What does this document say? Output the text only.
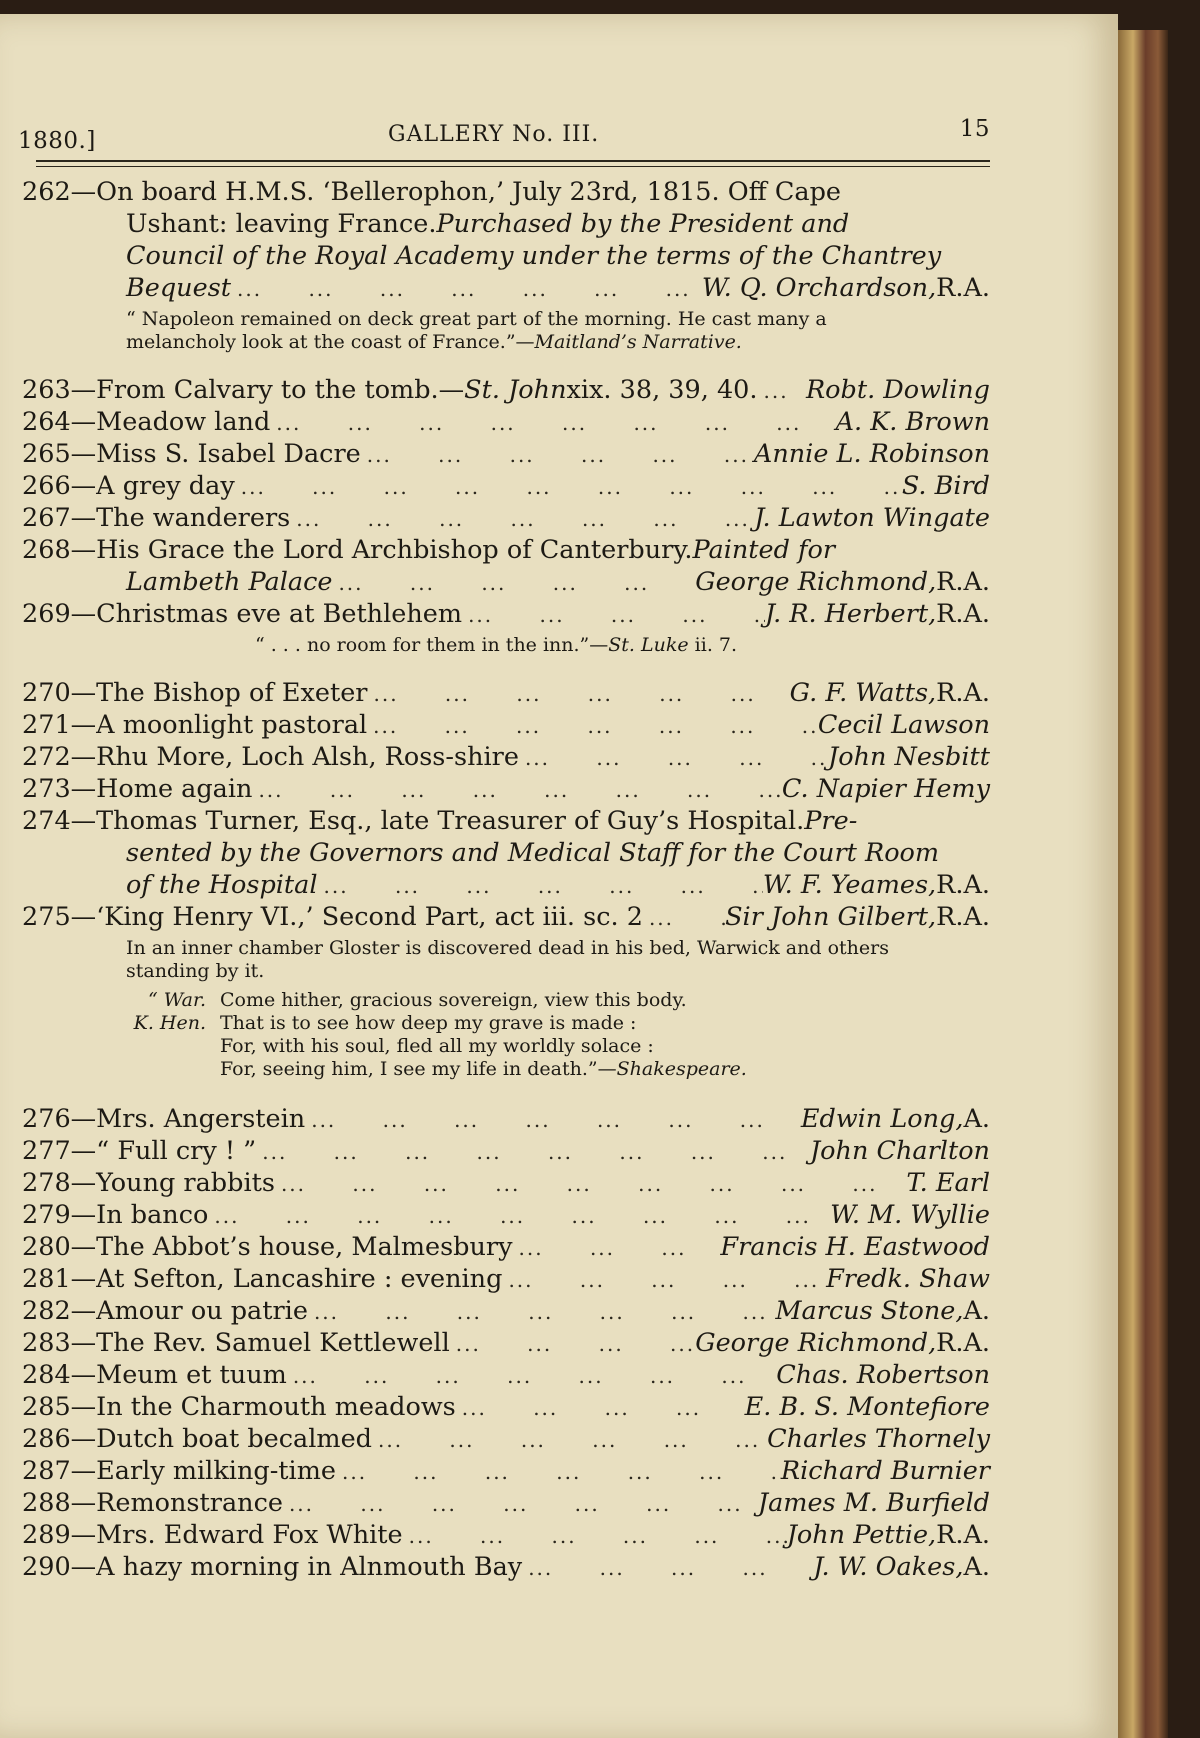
1880.]	GALLERY No. III.	15
262—On board H.M.S. ‘Bellerophon,’ July 23rd, 1815. Off Cape
Ushant: leaving France. Purchased by the President and
Council of the Royal Academy under the terms of the Chantrey
Bequest ... .	W. Q. Orchardson, R.A.
“ Napoleon remained on deck great part of the morning. He cast many a melancholy look at the coast of France.”—Maitland’s Narrative.
263—From Calvary to the tomb.— St. John xix. 38, 39, 40. ... . Robt. Dowling
264—Meadow land ... .	A. K. Brown
265—Miss S. Isabel Dacre ... .	Annie L. Robinson
266—A grey day ... .	S. Bird
267—The wanderers ... .	J. Lawton Wingate
268—His Grace the Lord Archbishop of Canterbury. Painted for
Lambeth Palace ... .	George Richmond, R.A.
269—Christmas eve at Bethlehem ... .	J. R. Herbert, R.A.
“ . . . no room for them in the inn.”—St. Luke ii. 7.
270—The Bishop of Exeter ... .	G. F. Watts, R.A.
271—A moonlight pastoral ... .	Cecil Lawson
272—Rhu More, Loch Alsh, Ross-shire ... .	John Nesbitt
273—Home again ... .	C. Napier Hemy
274—Thomas Turner, Esq., late Treasurer of Guy’s Hospital. Pre-
sented by the Governors and Medical Staff for the Court Room
of the Hospital ... .	W. F. Yeames, R.A.
275—‘King Henry VI.,’ Second Part, act iii. sc. 2 ... .	Sir John Gilbert, R.A.
In an inner chamber Gloster is discovered dead in his bed, Warwick and others standing by it.
“ War. Come hither, gracious sovereign, view this body.
K. Hen. That is to see how deep my grave is made :
For, with his soul, fled all my worldly solace :
For, seeing him, I see my life in death.”— Shakespeare.
276—Mrs. Angerstein ... .	Edwin Long, A.
277—“ Full cry ! ” ... .	John Charlton
278—Young rabbits ... .	T. Earl
279—In banco ... .	W. M. Wyllie
280—The Abbot’s house, Malmesbury ... .	Francis H. Eastwood
281—At Sefton, Lancashire : evening ... .	Fredk. Shaw
282—Amour ou patrie ... .	Marcus Stone, A.
283—The Rev. Samuel Kettlewell ... .	George Richmond, R.A.
284—Meum et tuum ... .	Chas. Robertson
285—In the Charmouth meadows ... .	E. B. S. Montefiore
286—Dutch boat becalmed ... .	Charles Thornely
287—Early milking-time ... .	Richard Burnier
288—Remonstrance ... .	James M. Burfield
289—Mrs. Edward Fox White ... .	John Pettie, R.A.
290—A hazy morning in Alnmouth Bay ... .	J. W. Oakes, A.
